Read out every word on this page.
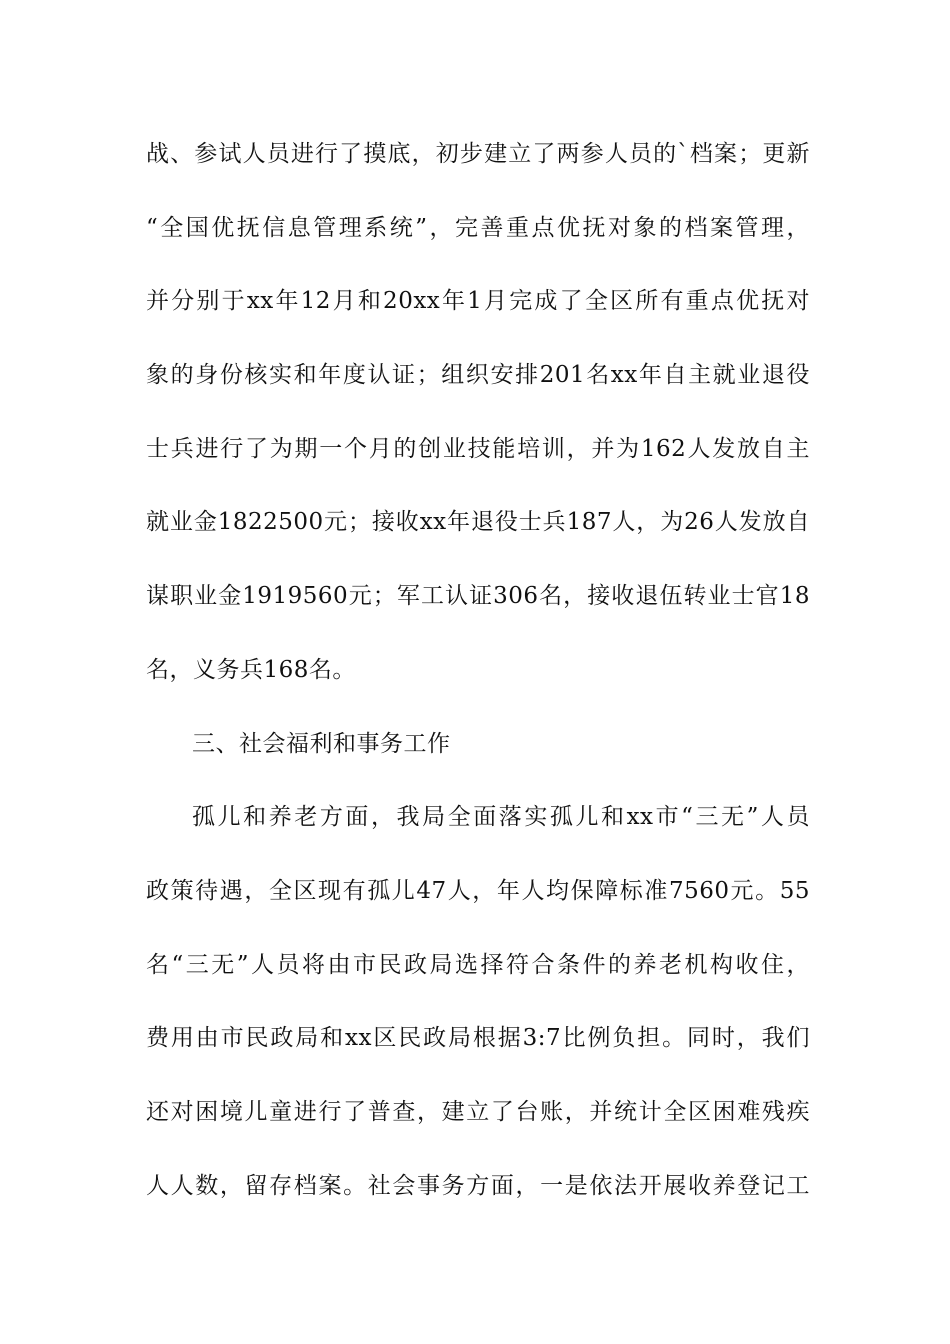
战、参试人员进行了摸底，初步建立了两参人员的`档案；更新
“全国优抚信息管理系统”，完善重点优抚对象的档案管理，
并分别于xx年12月和20xx年1月完成了全区所有重点优抚对
象的身份核实和年度认证；组织安排201名xx年自主就业退役
士兵进行了为期一个月的创业技能培训，并为162人发放自主
就业金1822500元；接收xx年退役士兵187人，为26人发放自
谋职业金1919560元；军工认证306名，接收退伍转业士官18
名，义务兵168名。
三、社会福利和事务工作
孤儿和养老方面，我局全面落实孤儿和xx市“三无”人员
政策待遇，全区现有孤儿47人，年人均保障标准7560元。55
名“三无”人员将由市民政局选择符合条件的养老机构收住，
费用由市民政局和xx区民政局根据3:7比例负担。同时，我们
还对困境儿童进行了普查，建立了台账，并统计全区困难残疾
人人数，留存档案。社会事务方面，一是依法开展收养登记工
